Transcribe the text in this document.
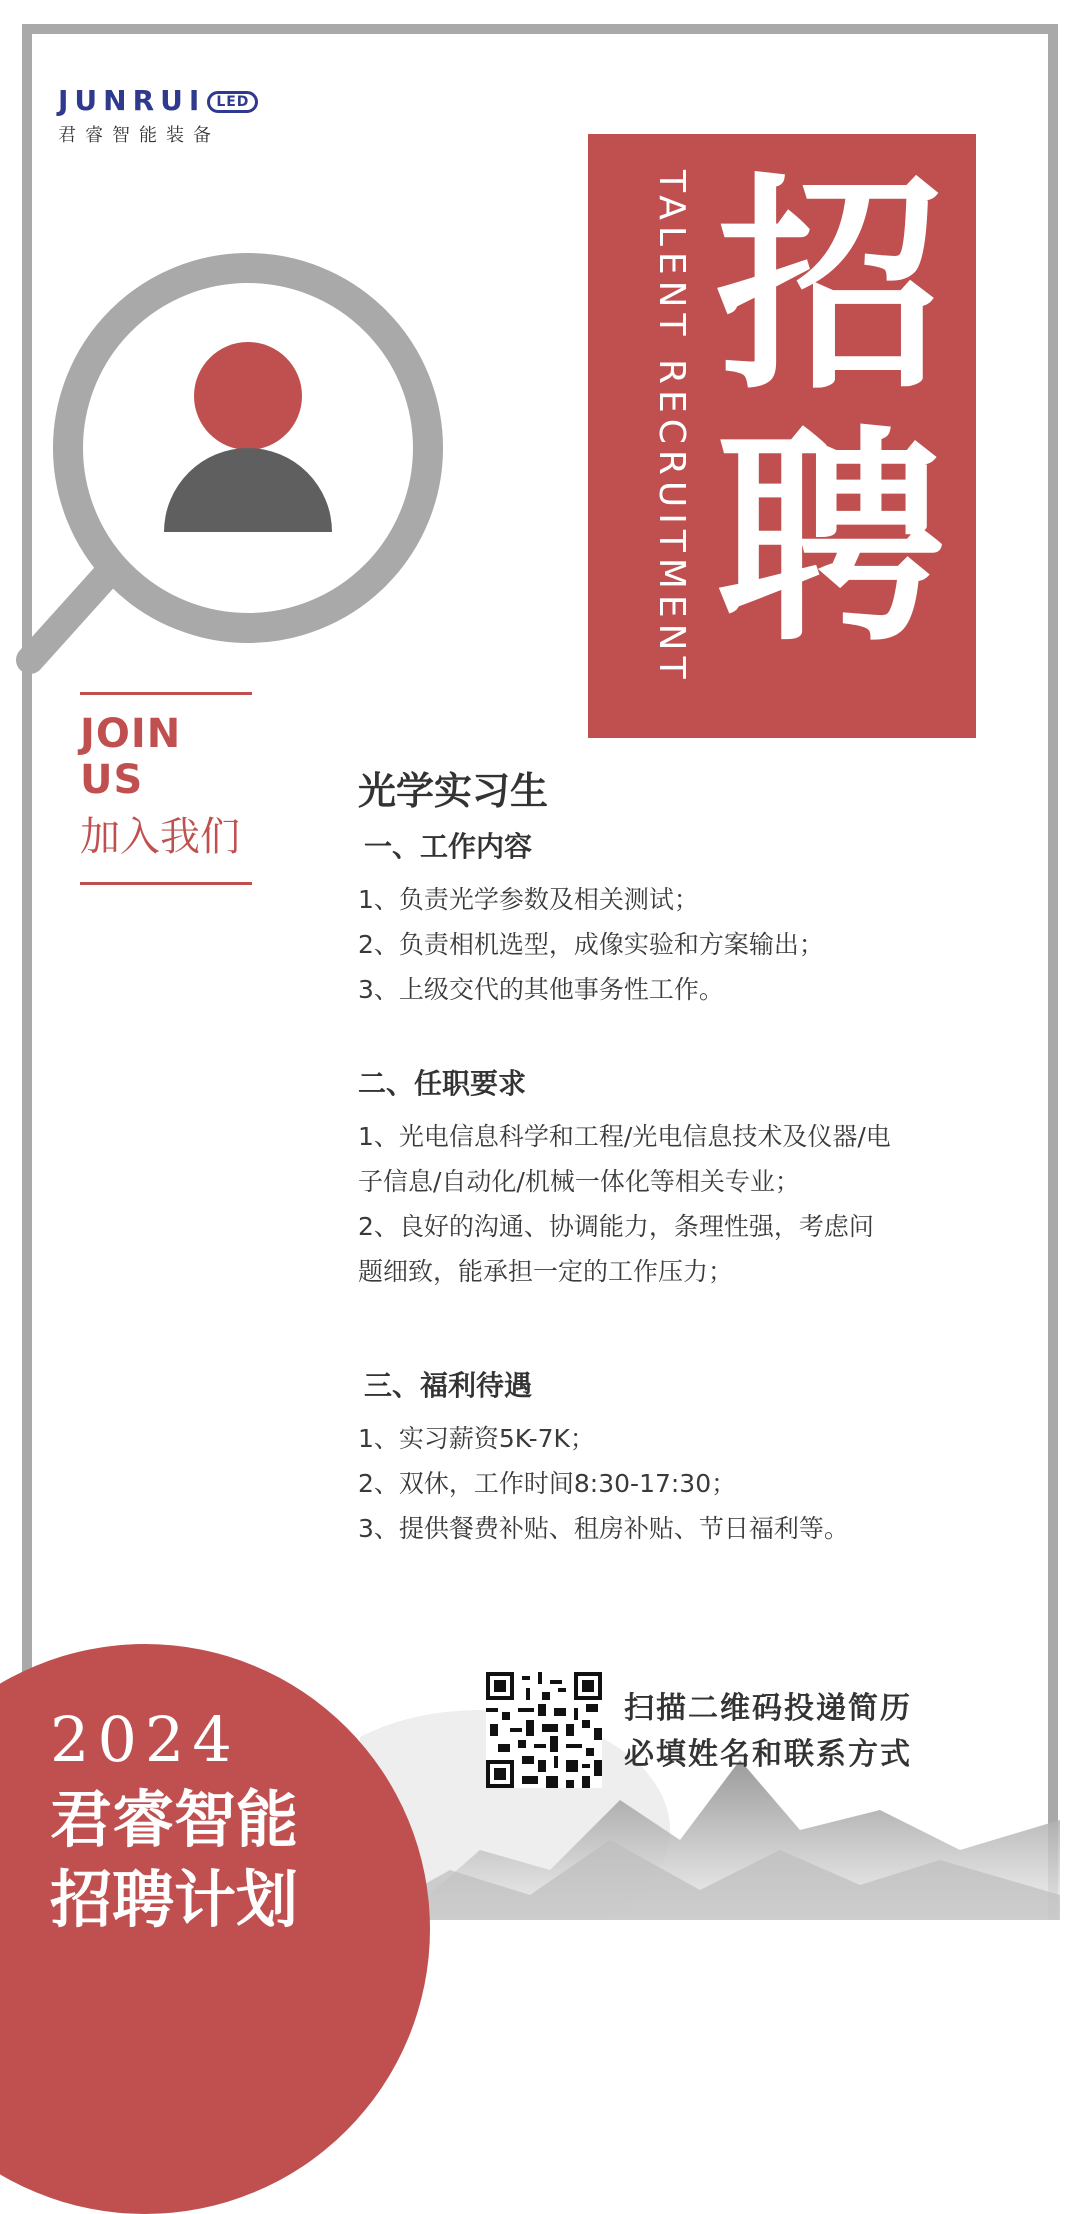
JUNRUI LED
君睿智能装备
TALENT RECRUITMENT 招聘
JOIN US
加入我们
光学实习生
一、工作内容
1、负责光学参数及相关测试；
2、负责相机选型，成像实验和方案输出；
3、上级交代的其他事务性工作。
二、任职要求
1、光电信息科学和工程/光电信息技术及仪器/电
子信息/自动化/机械一体化等相关专业；
2、良好的沟通、协调能力，条理性强，考虑问
题细致，能承担一定的工作压力；
三、福利待遇
1、实习薪资5K-7K；
2、双休，工作时间8:30-17:30；
3、提供餐费补贴、租房补贴、节日福利等。
2024
君睿智能
招聘计划
扫描二维码投递简历
必填姓名和联系方式
